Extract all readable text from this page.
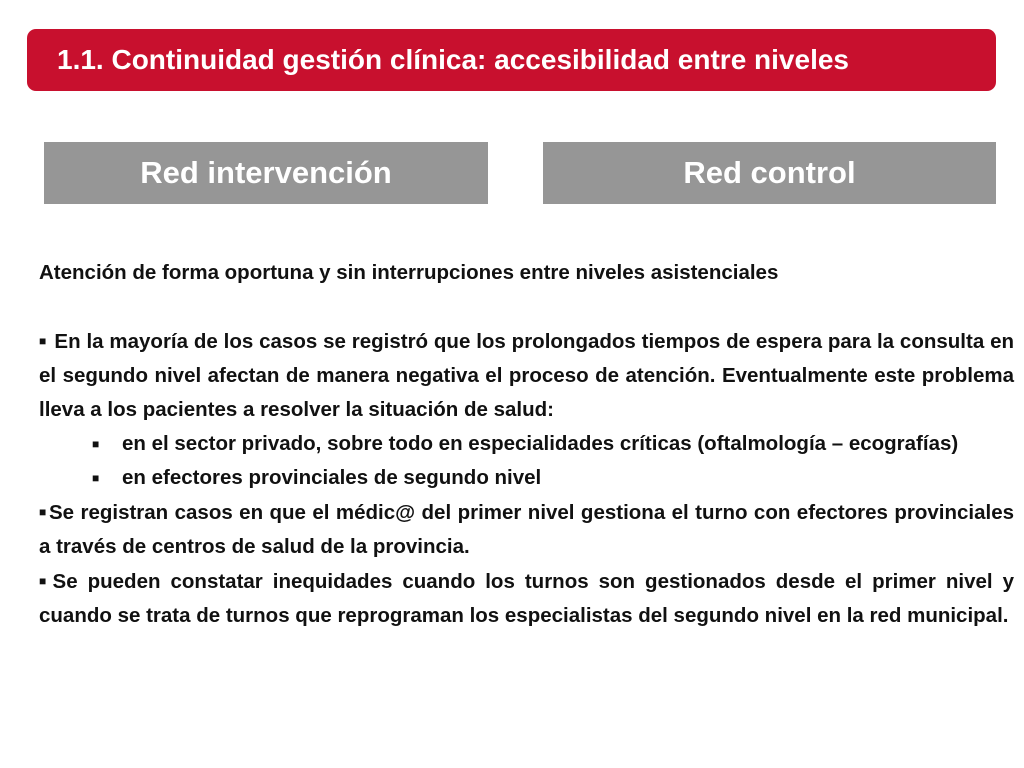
1.1. Continuidad gestión clínica: accesibilidad entre niveles
Red intervención	Red control

Atención de forma oportuna y sin interrupciones entre niveles asistenciales

■ En la mayoría de los casos se registró que los prolongados tiempos de espera para la consulta en el segundo nivel afectan de manera negativa el proceso de atención. Eventualmente este problema lleva a los pacientes a resolver la situación de salud:

■ en el sector privado, sobre todo en especialidades críticas (oftalmología – ecografías)

■ en efectores provinciales de segundo nivel

■Se registran casos en que el médic@ del primer nivel gestiona el turno con efectores provinciales a través de centros de salud de la provincia.

■Se pueden constatar inequidades cuando los turnos son gestionados desde el primer nivel y cuando se trata de turnos que reprograman los especialistas del segundo nivel en la red municipal.
